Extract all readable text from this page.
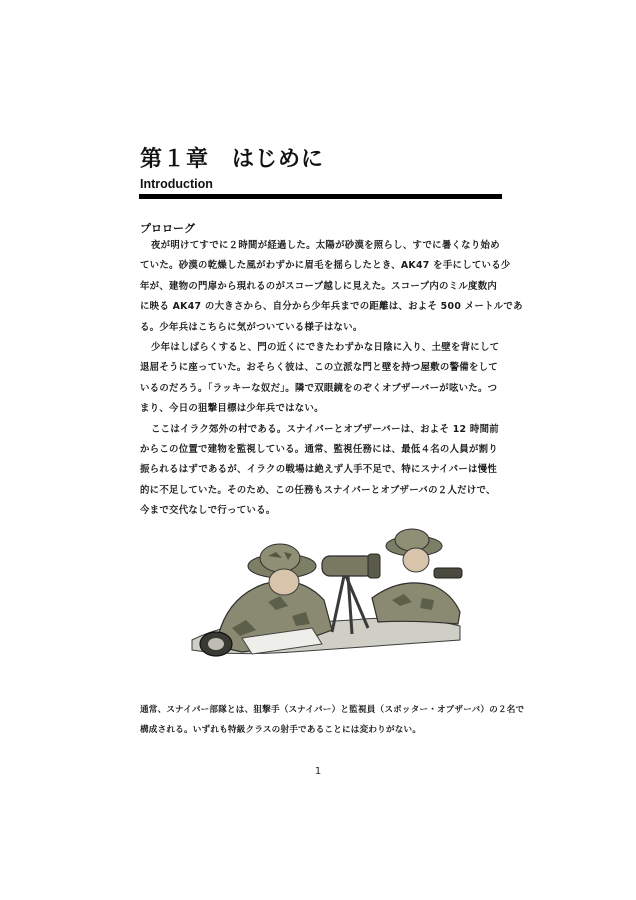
第１章　はじめに
Introduction
プロローグ
夜が明けてすでに２時間が経過した。太陽が砂漠を照らし、すでに暑くなり始め
ていた。砂漠の乾燥した風がわずかに眉毛を揺らしたとき、AK47 を手にしている少
年が、建物の門扉から現れるのがスコープ越しに見えた。スコープ内のミル度数内
に映る AK47 の大きさから、自分から少年兵までの距離は、およそ 500 メートルであ
る。少年兵はこちらに気がついている様子はない。
少年はしばらくすると、門の近くにできたわずかな日陰に入り、土壁を背にして
退屈そうに座っていた。おそらく彼は、この立派な門と壁を持つ屋敷の警備をして
いるのだろう。「ラッキーな奴だ」。隣で双眼鏡をのぞくオブザーバーが呟いた。つ
まり、今日の狙撃目標は少年兵ではない。
ここはイラク郊外の村である。スナイパーとオブザーバーは、およそ 12 時間前
からこの位置で建物を監視している。通常、監視任務には、最低４名の人員が割り
振られるはずであるが、イラクの戦場は絶えず人手不足で、特にスナイパーは慢性
的に不足していた。そのため、この任務もスナイパーとオブザーバの２人だけで、
今まで交代なしで行っている。
通常、スナイパー部隊とは、狙撃手（スナイパー）と監視員（スポッター・オブザーバ）の２名で
構成される。いずれも特級クラスの射手であることには変わりがない。
1
